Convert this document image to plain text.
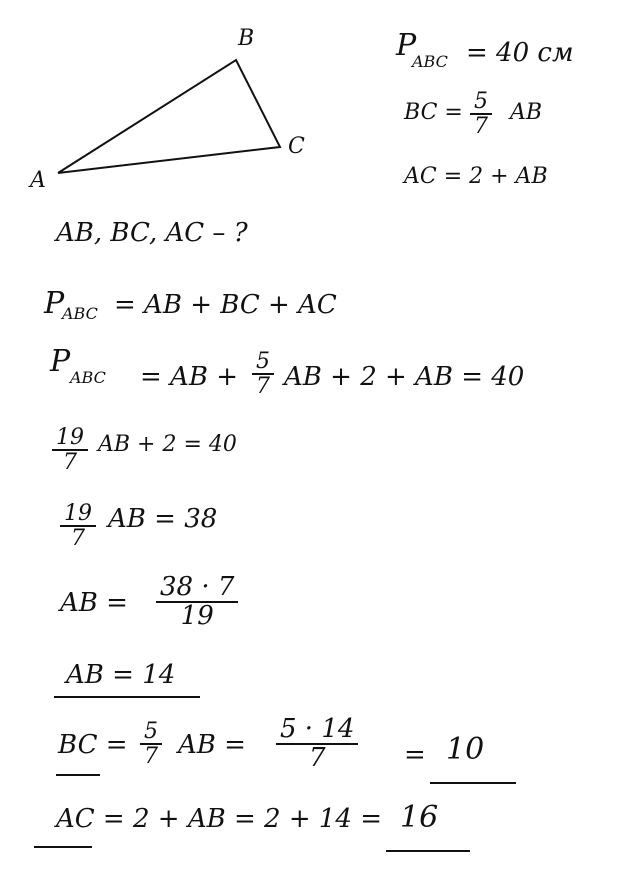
A
B
C
P
ABC = 40 см
BC = $\frac{5}{7}$ AB
AC = 2 + AB
AB, BC, AC – ?
P
ABC = AB + BC + AC
P ABC = AB + $\frac{5}{7}$ AB + 2 + AB = 40
$\frac{19}{7}$ AB + 2 = 40
$\frac{19}{7}$ AB = 38
AB = $\frac{38 \cdot 7}{19}$
AB = 14
BC = $\frac{5}{7}$ AB = $\frac{5 \cdot 14}{7} = 10$
AC = 2 + AB = 2 + 14 = 16
